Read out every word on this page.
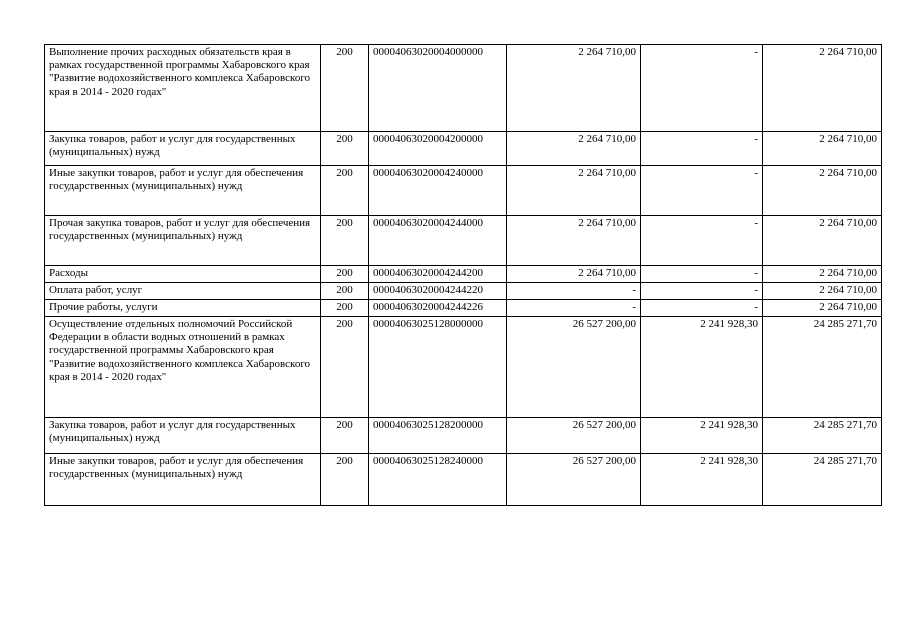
Выполнение прочих расходных обязательств края в рамках государственной программы Хабаровского края "Развитие водохозяйственного комплекса Хабаровского края в 2014 - 2020 годах"	200	00004063020004000000	2 264 710,00	-	2 264 710,00
Закупка товаров, работ и услуг для государственных (муниципальных) нужд	200	00004063020004200000	2 264 710,00	-	2 264 710,00
Иные закупки товаров, работ и услуг для обеспечения государственных (муниципальных) нужд	200	00004063020004240000	2 264 710,00	-	2 264 710,00
Прочая закупка товаров, работ и услуг для обеспечения государственных (муниципальных) нужд	200	00004063020004244000	2 264 710,00	-	2 264 710,00
Расходы	200	00004063020004244200	2 264 710,00	-	2 264 710,00
Оплата работ, услуг	200	00004063020004244220	-	-	2 264 710,00
Прочие работы, услуги	200	00004063020004244226	-	-	2 264 710,00
Осуществление отдельных полномочий Российской Федерации в области водных отношений в рамках государственной программы Хабаровского края "Развитие водохозяйственного комплекса Хабаровского края в 2014 - 2020 годах"	200	00004063025128000000	26 527 200,00	2 241 928,30	24 285 271,70
Закупка товаров, работ и услуг для государственных (муниципальных) нужд	200	00004063025128200000	26 527 200,00	2 241 928,30	24 285 271,70
Иные закупки товаров, работ и услуг для обеспечения государственных (муниципальных) нужд	200	00004063025128240000	26 527 200,00	2 241 928,30	24 285 271,70
